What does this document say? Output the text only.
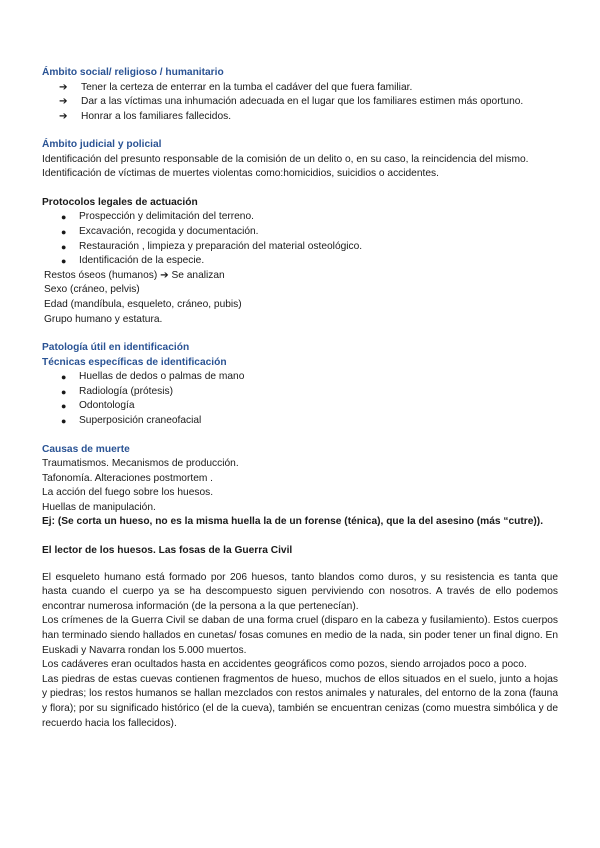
Ámbito social/ religioso / humanitario
➔ Tener la certeza de enterrar en la tumba el cadáver del que fuera familiar.
➔ Dar a las víctimas una inhumación adecuada en el lugar que los familiares estimen más oportuno.
➔ Honrar a los familiares fallecidos.
Ámbito judicial y policial
Identificación del presunto responsable de la comisión de un delito o, en su caso, la reincidencia del mismo.
Identificación de víctimas de muertes violentas como:homicidios, suicidios o accidentes.
Protocolos legales de actuación
● Prospección y delimitación del terreno.
● Excavación, recogida y documentación.
● Restauración , limpieza y preparación del material osteológico.
● Identificación de la especie.
Restos óseos (humanos) ➔ Se analizan
Sexo (cráneo, pelvis)
Edad (mandíbula, esqueleto, cráneo, pubis)
Grupo humano y estatura.
Patología útil en identificación
Técnicas específicas de identificación
● Huellas de dedos o palmas de mano
● Radiología (prótesis)
● Odontología
● Superposición craneofacial
Causas de muerte
Traumatismos. Mecanismos de producción.
Tafonomía. Alteraciones postmortem .
La acción del fuego sobre los huesos.
Huellas de manipulación.
Ej: (Se corta un hueso, no es la misma huella la de un forense (ténica), que la del asesino (más “cutre)).
El lector de los huesos. Las fosas de la Guerra Civil
El esqueleto humano está formado por 206 huesos, tanto blandos como duros, y su resistencia es tanta que hasta cuando el cuerpo ya se ha descompuesto siguen perviviendo con nosotros. A través de ello podemos encontrar numerosa información (de la persona a la que pertenecían).
Los crímenes de la Guerra Civil se daban de una forma cruel (disparo en la cabeza y fusilamiento). Estos cuerpos han terminado siendo hallados en cunetas/ fosas comunes en medio de la nada, sin poder tener un final digno. En Euskadi y Navarra rondan los 5.000 muertos.
Los cadáveres eran ocultados hasta en accidentes geográficos como pozos, siendo arrojados poco a poco.
Las piedras de estas cuevas contienen fragmentos de hueso, muchos de ellos situados en el suelo, junto a hojas y piedras; los restos humanos se hallan mezclados con restos animales y naturales, del entorno de la zona (fauna y flora); por su significado histórico (el de la cueva), también se encuentran cenizas (como muestra simbólica y de recuerdo hacia los fallecidos).
